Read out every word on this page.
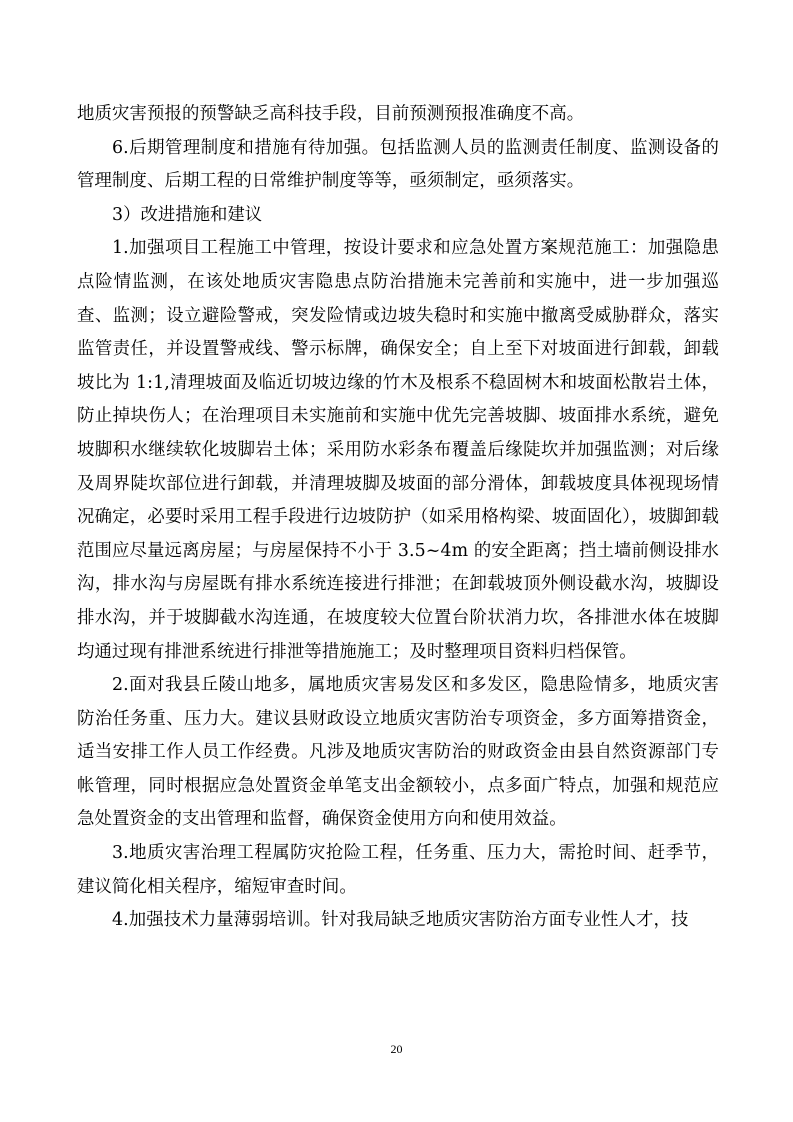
地质灾害预报的预警缺乏高科技手段，目前预测预报准确度不高。

6.后期管理制度和措施有待加强。包括监测人员的监测责任制度、监测设备的管理制度、后期工程的日常维护制度等等，亟须制定，亟须落实。

3）改进措施和建议

1.加强项目工程施工中管理，按设计要求和应急处置方案规范施工：加强隐患点险情监测，在该处地质灾害隐患点防治措施未完善前和实施中，进一步加强巡查、监测；设立避险警戒，突发险情或边坡失稳时和实施中撤离受威胁群众，落实监管责任，并设置警戒线、警示标牌，确保安全；自上至下对坡面进行卸载，卸载坡比为 1:1,清理坡面及临近切坡边缘的竹木及根系不稳固树木和坡面松散岩土体，防止掉块伤人；在治理项目未实施前和实施中优先完善坡脚、坡面排水系统，避免坡脚积水继续软化坡脚岩土体；采用防水彩条布覆盖后缘陡坎并加强监测；对后缘及周界陡坎部位进行卸载，并清理坡脚及坡面的部分滑体，卸载坡度具体视现场情况确定，必要时采用工程手段进行边坡防护（如采用格构梁、坡面固化），坡脚卸载范围应尽量远离房屋；与房屋保持不小于 3.5~4m 的安全距离；挡土墙前侧设排水沟，排水沟与房屋既有排水系统连接进行排泄；在卸载坡顶外侧设截水沟，坡脚设排水沟，并于坡脚截水沟连通，在坡度较大位置台阶状消力坎，各排泄水体在坡脚均通过现有排泄系统进行排泄等措施施工；及时整理项目资料归档保管。

2.面对我县丘陵山地多，属地质灾害易发区和多发区，隐患险情多，地质灾害防治任务重、压力大。建议县财政设立地质灾害防治专项资金，多方面筹措资金，适当安排工作人员工作经费。凡涉及地质灾害防治的财政资金由县自然资源部门专帐管理，同时根据应急处置资金单笔支出金额较小，点多面广特点，加强和规范应急处置资金的支出管理和监督，确保资金使用方向和使用效益。

3.地质灾害治理工程属防灾抢险工程，任务重、压力大，需抢时间、赶季节，建议简化相关程序，缩短审查时间。

4.加强技术力量薄弱培训。针对我局缺乏地质灾害防治方面专业性人才，技

20
